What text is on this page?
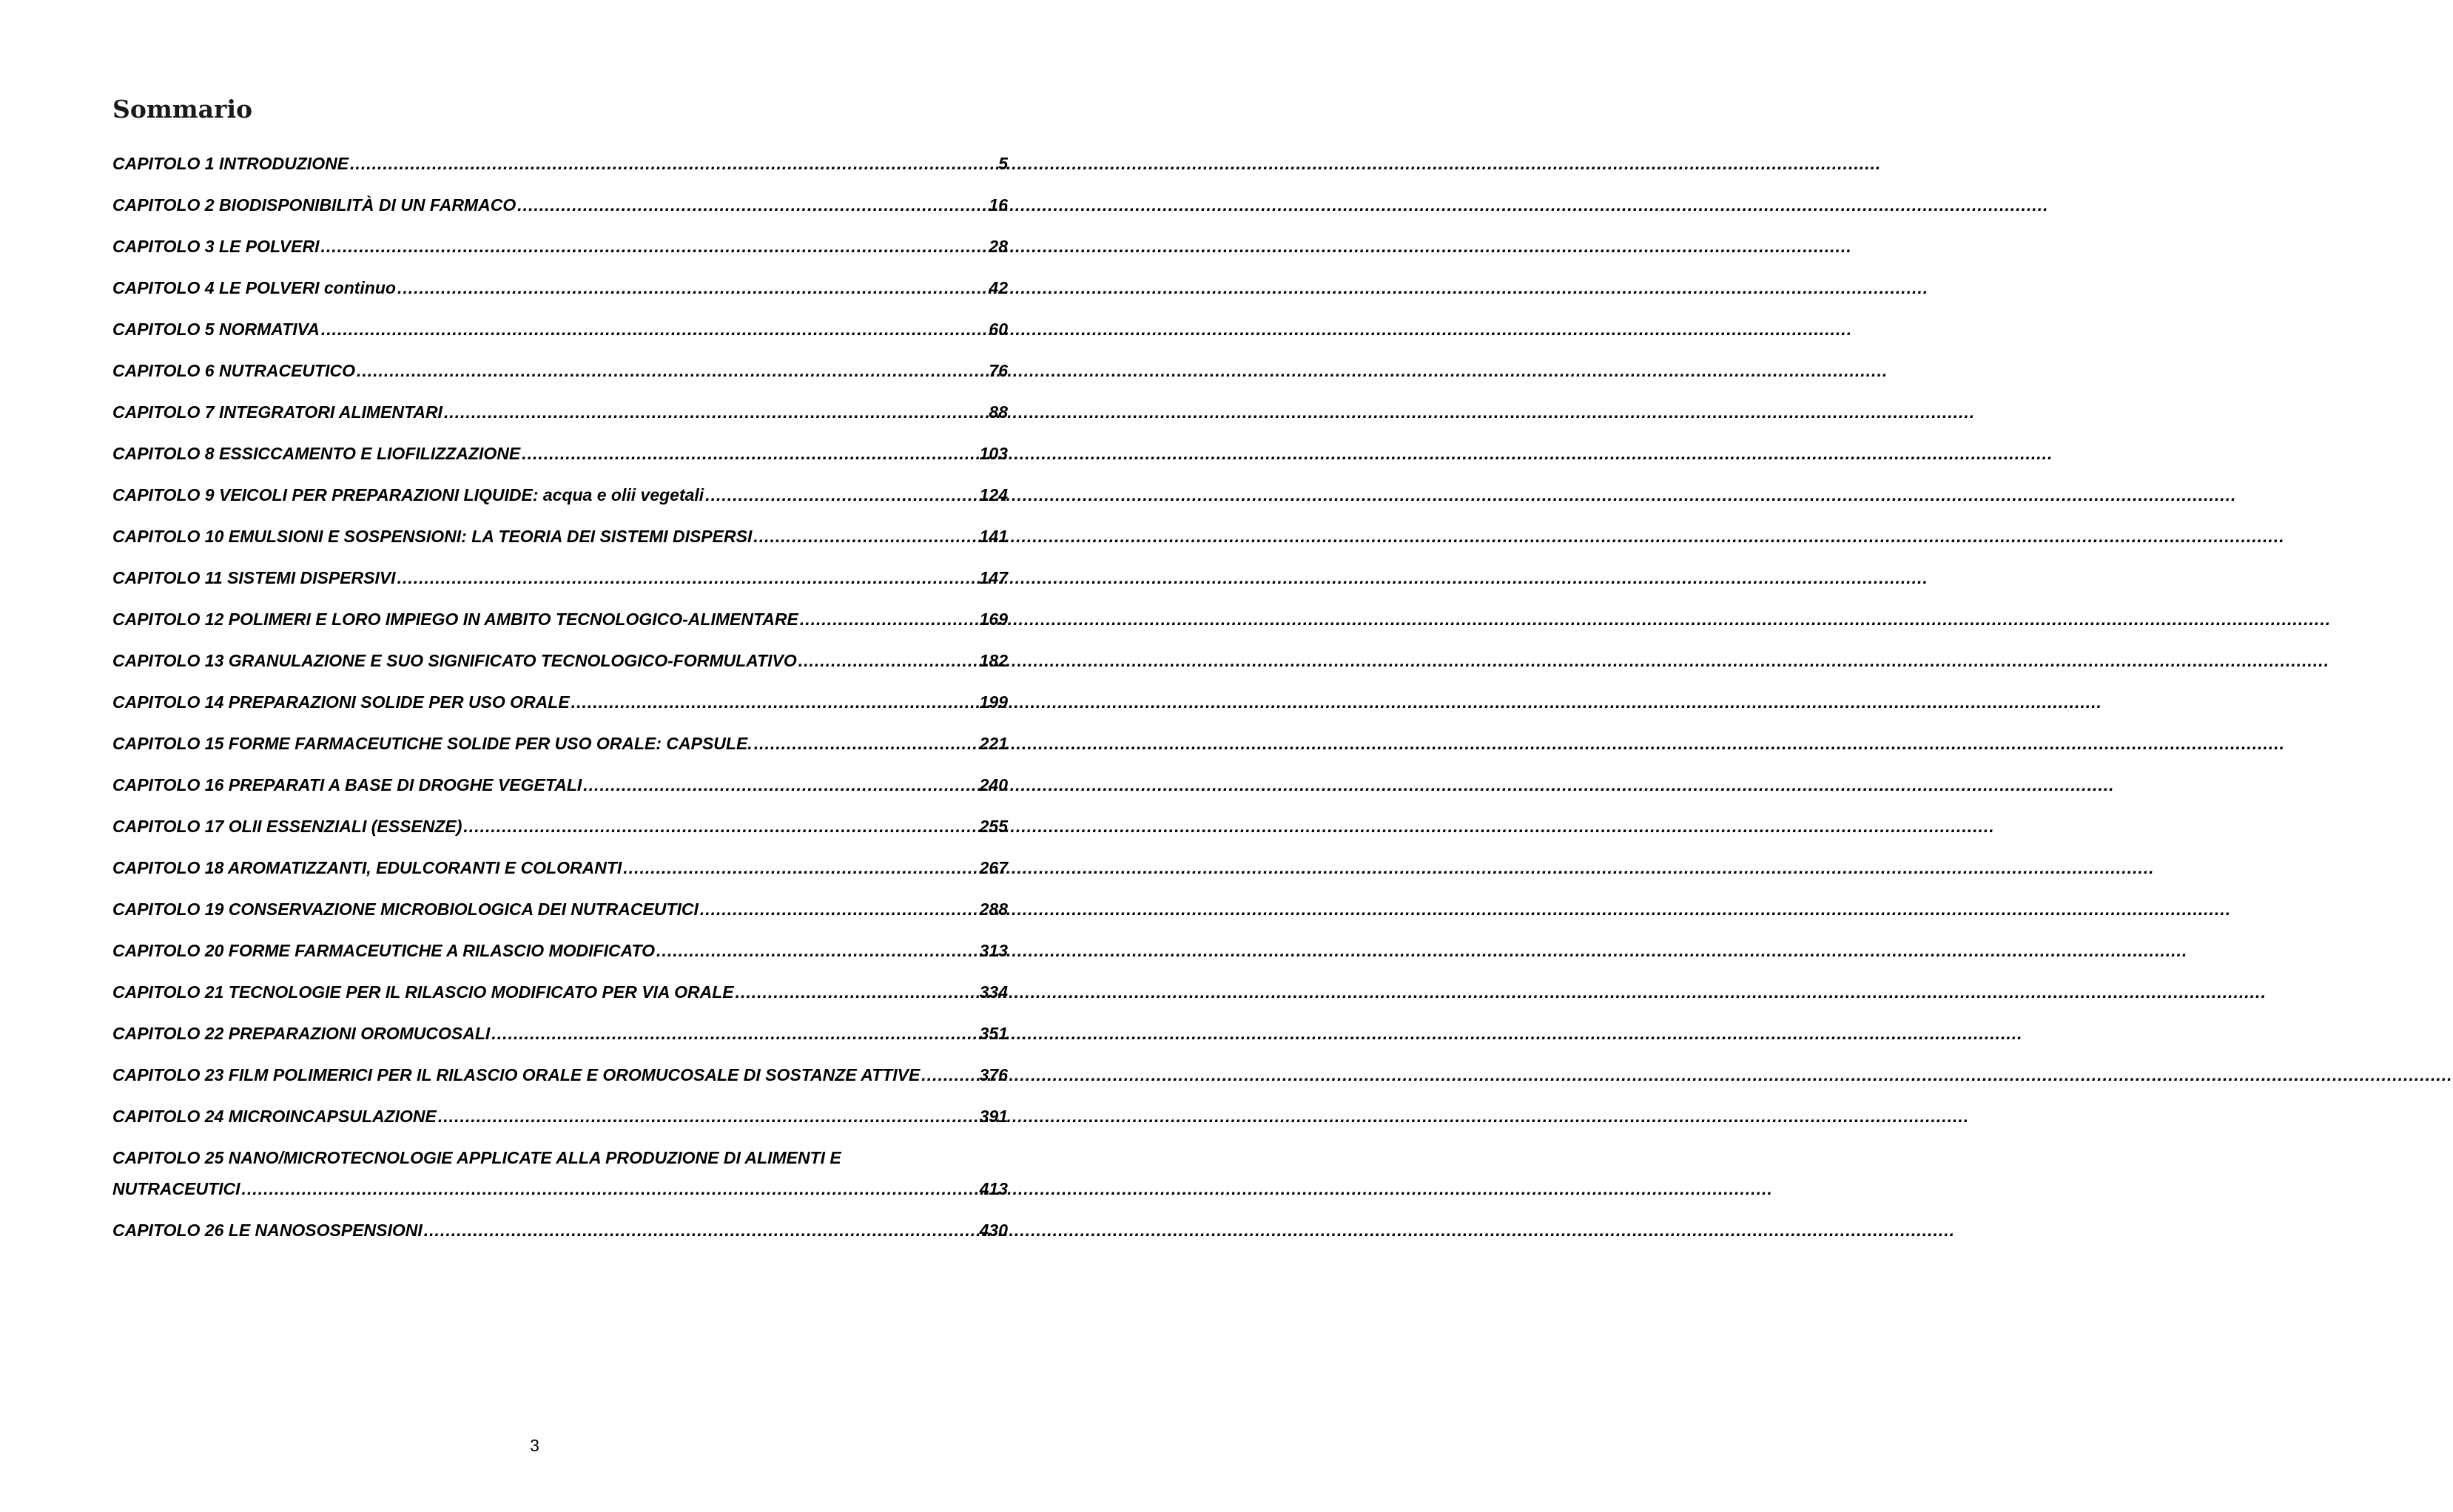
Sommario
CAPITOLO 1 INTRODUZIONE .....	5
CAPITOLO 2 BIODISPONIBILITÀ DI UN FARMACO .....	16
CAPITOLO 3 LE POLVERI .....	28
CAPITOLO 4 LE POLVERI continuo .....	42
CAPITOLO 5 NORMATIVA .....	60
CAPITOLO 6 NUTRACEUTICO .....	76
CAPITOLO 7 INTEGRATORI ALIMENTARI .....	88
CAPITOLO 8 ESSICCAMENTO E LIOFILIZZAZIONE .....	103
CAPITOLO 9 VEICOLI PER PREPARAZIONI LIQUIDE: acqua e olii vegetali .....	124
CAPITOLO 10 EMULSIONI E SOSPENSIONI: LA TEORIA DEI SISTEMI DISPERSI .....	141
CAPITOLO 11 SISTEMI DISPERSIVI .....	147
CAPITOLO 12 POLIMERI E LORO IMPIEGO IN AMBITO TECNOLOGICO-ALIMENTARE .....	169
CAPITOLO 13 GRANULAZIONE E SUO SIGNIFICATO TECNOLOGICO-FORMULATIVO .....	182
CAPITOLO 14 PREPARAZIONI SOLIDE PER USO ORALE .....	199
CAPITOLO 15 FORME FARMACEUTICHE SOLIDE PER USO ORALE: CAPSULE. .....	221
CAPITOLO 16 PREPARATI A BASE DI DROGHE VEGETALI .....	240
CAPITOLO 17 OLII ESSENZIALI (ESSENZE) .....	255
CAPITOLO 18 AROMATIZZANTI, EDULCORANTI E COLORANTI .....	267
CAPITOLO 19 CONSERVAZIONE MICROBIOLOGICA DEI NUTRACEUTICI .....	288
CAPITOLO 20 FORME FARMACEUTICHE A RILASCIO MODIFICATO .....	313
CAPITOLO 21 TECNOLOGIE PER IL RILASCIO MODIFICATO PER VIA ORALE .....	334
CAPITOLO 22 PREPARAZIONI OROMUCOSALI .....	351
CAPITOLO 23 FILM POLIMERICI PER IL RILASCIO ORALE E OROMUCOSALE DI SOSTANZE ATTIVE .....	376
CAPITOLO 24 MICROINCAPSULAZIONE .....	391
CAPITOLO 25 NANO/MICROTECNOLOGIE APPLICATE ALLA PRODUZIONE DI ALIMENTI E
NUTRACEUTICI .....	413
CAPITOLO 26 LE NANOSOSPENSIONI .....	430
3
